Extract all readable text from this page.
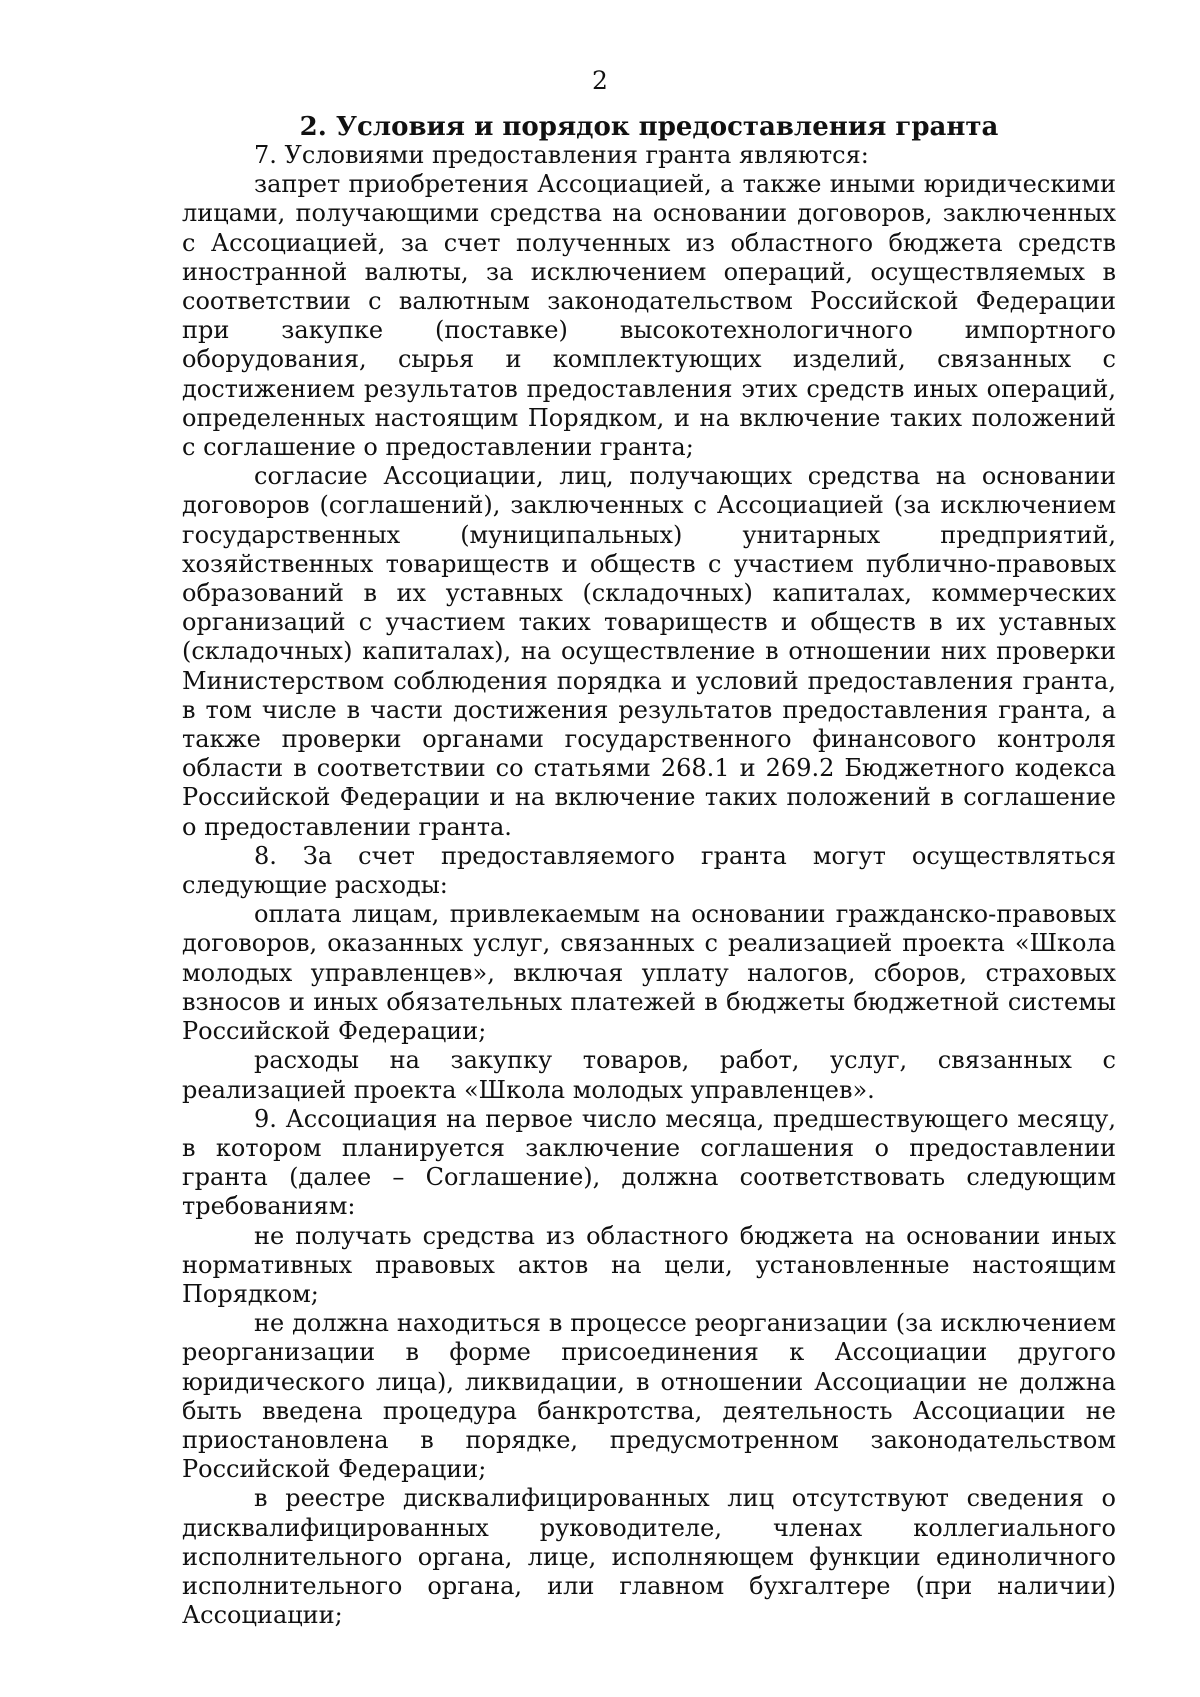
2
2. Условия и порядок предоставления гранта

7. Условиями предоставления гранта являются:

запрет приобретения Ассоциацией, а также иными юридическими лицами, получающими средства на основании договоров, заключенных с Ассоциацией, за счет полученных из областного бюджета средств иностранной валюты, за исключением операций, осуществляемых в соответствии с валютным законодательством Российской Федерации при закупке (поставке) высокотехнологичного импортного оборудования, сырья и комплектующих изделий, связанных с достижением результатов предоставления этих средств иных операций, определенных настоящим Порядком, и на включение таких положений с соглашение о предоставлении гранта;

согласие Ассоциации, лиц, получающих средства на основании договоров (соглашений), заключенных с Ассоциацией (за исключением государственных (муниципальных) унитарных предприятий, хозяйственных товариществ и обществ с участием публично-правовых образований в их уставных (складочных) капиталах, коммерческих организаций с участием таких товариществ и обществ в их уставных (складочных) капиталах), на осуществление в отношении них проверки Министерством соблюдения порядка и условий предоставления гранта, в том числе в части достижения результатов предоставления гранта, а также проверки органами государственного финансового контроля области в соответствии со статьями 268.1 и 269.2 Бюджетного кодекса Российской Федерации и на включение таких положений в соглашение о предоставлении гранта.

8. За счет предоставляемого гранта могут осуществляться следующие расходы:

оплата лицам, привлекаемым на основании гражданско-правовых договоров, оказанных услуг, связанных с реализацией проекта «Школа молодых управленцев», включая уплату налогов, сборов, страховых взносов и иных обязательных платежей в бюджеты бюджетной системы Российской Федерации;

расходы на закупку товаров, работ, услуг, связанных с реализацией проекта «Школа молодых управленцев».

9. Ассоциация на первое число месяца, предшествующего месяцу, в котором планируется заключение соглашения о предоставлении гранта (далее – Соглашение), должна соответствовать следующим требованиям:

не получать средства из областного бюджета на основании иных нормативных правовых актов на цели, установленные настоящим Порядком;

не должна находиться в процессе реорганизации (за исключением реорганизации в форме присоединения к Ассоциации другого юридического лица), ликвидации, в отношении Ассоциации не должна быть введена процедура банкротства, деятельность Ассоциации не приостановлена в порядке, предусмотренном законодательством Российской Федерации;

в реестре дисквалифицированных лиц отсутствуют сведения о дисквалифицированных руководителе, членах коллегиального исполнительного органа, лице, исполняющем функции единоличного исполнительного органа, или главном бухгалтере (при наличии) Ассоциации;
